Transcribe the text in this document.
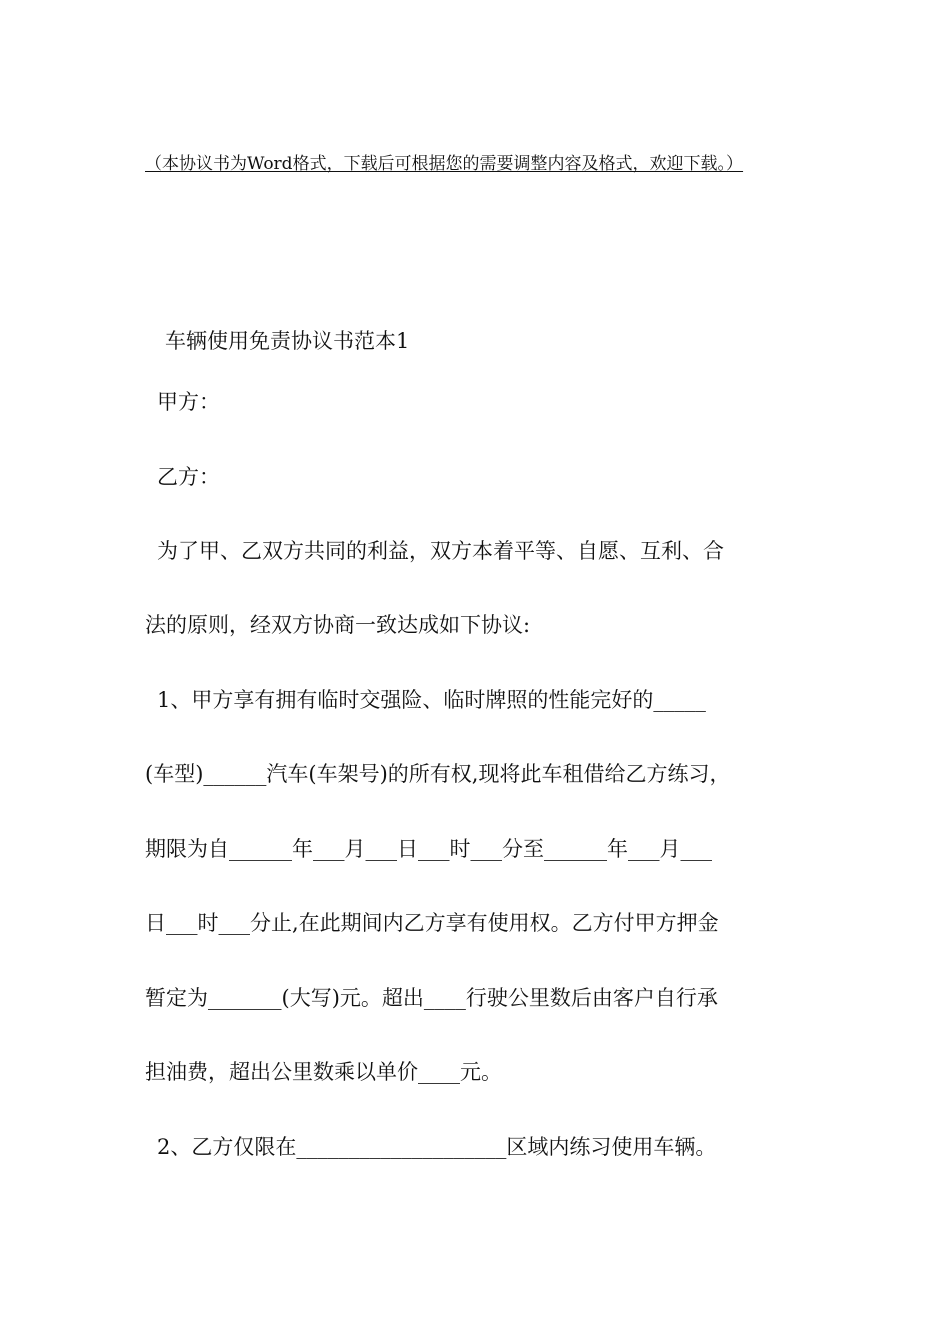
（本协议书为Word格式，下载后可根据您的需要调整内容及格式，欢迎下载。）
车辆使用免责协议书范本1
甲方：
乙方：
为了甲、乙双方共同的利益，双方本着平等、自愿、互利、合
法的原则，经双方协商一致达成如下协议:
1、甲方享有拥有临时交强险、临时牌照的性能完好的_____
(车型)______汽车(车架号)的所有权,现将此车租借给乙方练习，
期限为自______年___月___日___时___分至______年___月___
日___时___分止,在此期间内乙方享有使用权。乙方付甲方押金
暂定为_______(大写)元。超出____行驶公里数后由客户自行承
担油费，超出公里数乘以单价____元。
2、乙方仅限在____________________区域内练习使用车辆。
